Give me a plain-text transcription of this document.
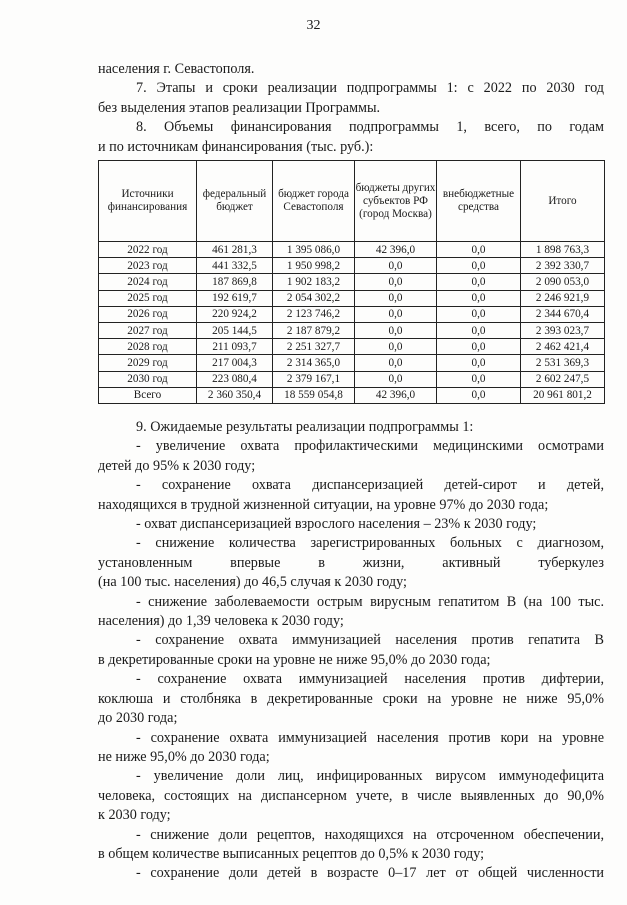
32

населения г. Севастополя.

7. Этапы и сроки реализации подпрограммы 1: с 2022 по 2030 год

без выделения этапов реализации Программы.

8. Объемы финансирования подпрограммы 1, всего, по годам

и по источникам финансирования (тыс. руб.):

Источники финансирования	федеральный бюджет	бюджет города Севастополя	бюджеты других субъектов РФ (город Москва)	внебюджетные средства	Итого
2022 год	461 281,3	1 395 086,0	42 396,0	0,0	1 898 763,3
2023 год	441 332,5	1 950 998,2	0,0	0,0	2 392 330,7
2024 год	187 869,8	1 902 183,2	0,0	0,0	2 090 053,0
2025 год	192 619,7	2 054 302,2	0,0	0,0	2 246 921,9
2026 год	220 924,2	2 123 746,2	0,0	0,0	2 344 670,4
2027 год	205 144,5	2 187 879,2	0,0	0,0	2 393 023,7
2028 год	211 093,7	2 251 327,7	0,0	0,0	2 462 421,4
2029 год	217 004,3	2 314 365,0	0,0	0,0	2 531 369,3
2030 год	223 080,4	2 379 167,1	0,0	0,0	2 602 247,5
Всего	2 360 350,4	18 559 054,8	42 396,0	0,0	20 961 801,2

9. Ожидаемые результаты реализации подпрограммы 1:

- увеличение охвата профилактическими медицинскими осмотрами

детей до 95% к 2030 году;

- сохранение охвата диспансеризацией детей-сирот и детей,

находящихся в трудной жизненной ситуации, на уровне 97% до 2030 года;

- охват диспансеризацией взрослого населения – 23% к 2030 году;

- снижение количества зарегистрированных больных с диагнозом,

установленным впервые в жизни, активный туберкулез

(на 100 тыс. населения) до 46,5 случая к 2030 году;

- снижение заболеваемости острым вирусным гепатитом В (на 100 тыс.

населения) до 1,39 человека к 2030 году;

- сохранение охвата иммунизацией населения против гепатита В

в декретированные сроки на уровне не ниже 95,0% до 2030 года;

- сохранение охвата иммунизацией населения против дифтерии,

коклюша и столбняка в декретированные сроки на уровне не ниже 95,0%

до 2030 года;

- сохранение охвата иммунизацией населения против кори на уровне

не ниже 95,0% до 2030 года;

- увеличение доли лиц, инфицированных вирусом иммунодефицита

человека, состоящих на диспансерном учете, в числе выявленных до 90,0%

к 2030 году;

- снижение доли рецептов, находящихся на отсроченном обеспечении,

в общем количестве выписанных рецептов до 0,5% к 2030 году;

- сохранение доли детей в возрасте 0–17 лет от общей численности
